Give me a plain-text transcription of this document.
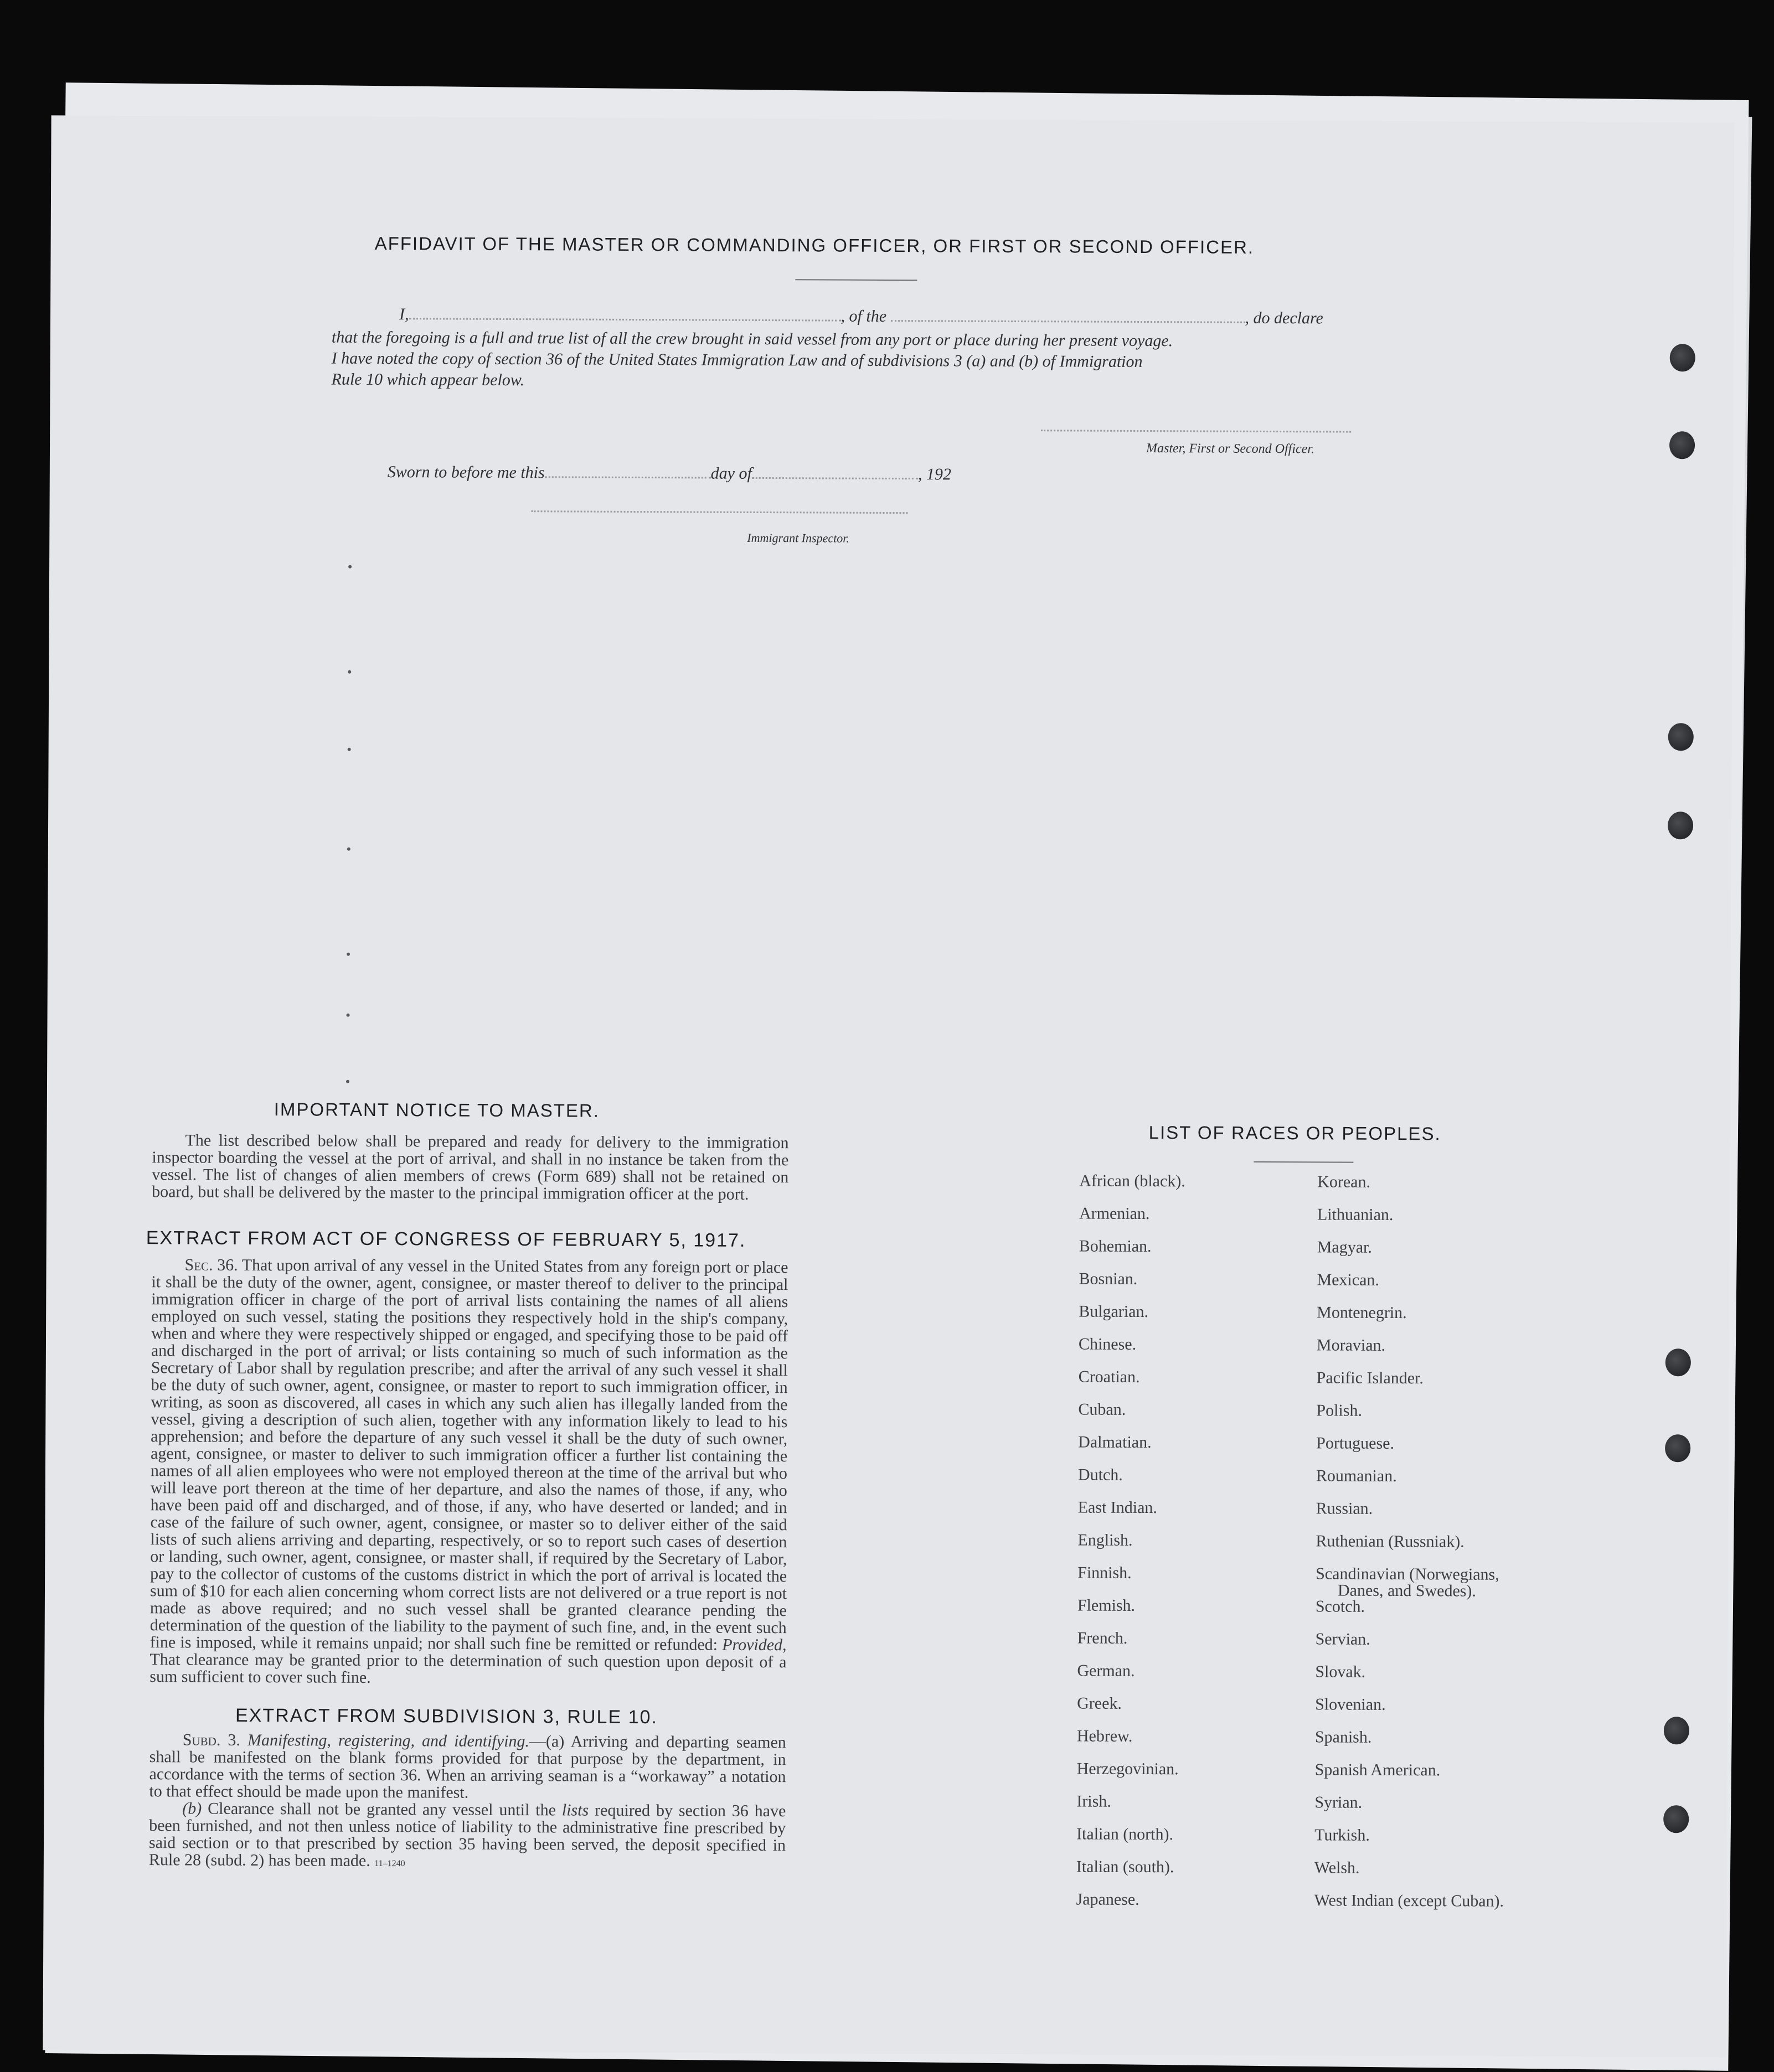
AFFIDAVIT OF THE MASTER OR COMMANDING OFFICER, OR FIRST OR SECOND OFFICER.
I,	, of the	, do declare
that the foregoing is a full and true list of all the crew brought in said vessel from any port or place during her present voyage.
I have noted the copy of section 36 of the United States Immigration Law and of subdivisions 3 (a) and (b) of Immigration
Rule 10 which appear below.
Master, First or Second Officer.
Sworn to before me this	day of	, 192
Immigrant Inspector.
IMPORTANT NOTICE TO MASTER.

The list described below shall be prepared and ready for delivery to the immigration inspector boarding the vessel at the port of arrival, and shall in no instance be taken from the vessel. The list of changes of alien members of crews (Form 689) shall not be retained on board, but shall be delivered by the master to the principal immigration officer at the port.

EXTRACT FROM ACT OF CONGRESS OF FEBRUARY 5, 1917.

Sec. 36. That upon arrival of any vessel in the United States from any foreign port or place it shall be the duty of the owner, agent, consignee, or master thereof to deliver to the principal immigration officer in charge of the port of arrival lists containing the names of all aliens employed on such vessel, stating the positions they respectively hold in the ship's company, when and where they were respectively shipped or engaged, and specifying those to be paid off and discharged in the port of arrival; or lists containing so much of such information as the Secretary of Labor shall by regulation prescribe; and after the arrival of any such vessel it shall be the duty of such owner, agent, consignee, or master to report to such immigration officer, in writing, as soon as discovered, all cases in which any such alien has illegally landed from the vessel, giving a description of such alien, together with any information likely to lead to his apprehension; and before the departure of any such vessel it shall be the duty of such owner, agent, consignee, or master to deliver to such immigration officer a further list containing the names of all alien employees who were not employed thereon at the time of the arrival but who will leave port thereon at the time of her departure, and also the names of those, if any, who have been paid off and discharged, and of those, if any, who have deserted or landed; and in case of the failure of such owner, agent, consignee, or master so to deliver either of the said lists of such aliens arriving and departing, respectively, or so to report such cases of desertion or landing, such owner, agent, consignee, or master shall, if required by the Secretary of Labor, pay to the collector of customs of the customs district in which the port of arrival is located the sum of $10 for each alien concerning whom correct lists are not delivered or a true report is not made as above required; and no such vessel shall be granted clearance pending the determination of the question of the liability to the payment of such fine, and, in the event such fine is imposed, while it remains unpaid; nor shall such fine be remitted or refunded: Provided, That clearance may be granted prior to the determination of such question upon deposit of a sum sufficient to cover such fine.

EXTRACT FROM SUBDIVISION 3, RULE 10.

Subd. 3. Manifesting, registering, and identifying.—(a) Arriving and departing seamen shall be manifested on the blank forms provided for that purpose by the department, in accordance with the terms of section 36. When an arriving seaman is a “workaway” a notation to that effect should be made upon the manifest.

(b) Clearance shall not be granted any vessel until the lists required by section 36 have been furnished, and not then unless notice of liability to the administrative fine prescribed by said section or to that prescribed by section 35 having been served, the deposit specified in Rule 28 (subd. 2) has been made. 11–1240

LIST OF RACES OR PEOPLES.
African (black).
Armenian.
Bohemian.
Bosnian.
Bulgarian.
Chinese.
Croatian.
Cuban.
Dalmatian.
Dutch.
East Indian.
English.
Finnish.
Flemish.
French.
German.
Greek.
Hebrew.
Herzegovinian.
Irish.
Italian (north).
Italian (south).
Japanese.
Korean.
Lithuanian.
Magyar.
Mexican.
Montenegrin.
Moravian.
Pacific Islander.
Polish.
Portuguese.
Roumanian.
Russian.
Ruthenian (Russniak).
Scandinavian (Norwegians,
Danes, and Swedes).
Scotch.
Servian.
Slovak.
Slovenian.
Spanish.
Spanish American.
Syrian.
Turkish.
Welsh.
West Indian (except Cuban).
